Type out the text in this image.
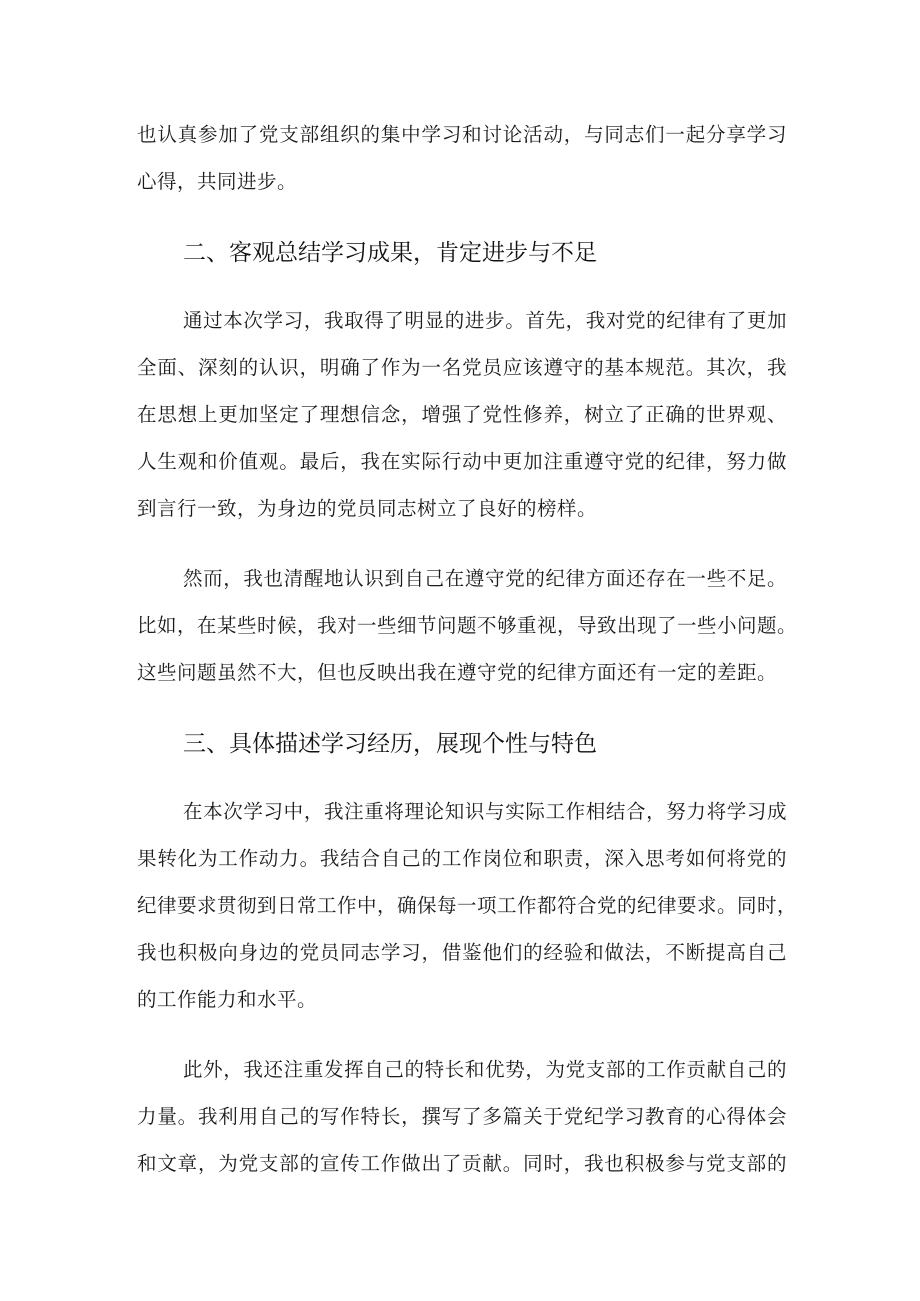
也认真参加了党支部组织的集中学习和讨论活动，与同志们一起分享学习
心得，共同进步。
二、客观总结学习成果，肯定进步与不足
通过本次学习，我取得了明显的进步。首先，我对党的纪律有了更加
全面、深刻的认识，明确了作为一名党员应该遵守的基本规范。其次，我
在思想上更加坚定了理想信念，增强了党性修养，树立了正确的世界观、
人生观和价值观。最后，我在实际行动中更加注重遵守党的纪律，努力做
到言行一致，为身边的党员同志树立了良好的榜样。
然而，我也清醒地认识到自己在遵守党的纪律方面还存在一些不足。
比如，在某些时候，我对一些细节问题不够重视，导致出现了一些小问题。
这些问题虽然不大，但也反映出我在遵守党的纪律方面还有一定的差距。
三、具体描述学习经历，展现个性与特色
在本次学习中，我注重将理论知识与实际工作相结合，努力将学习成
果转化为工作动力。我结合自己的工作岗位和职责，深入思考如何将党的
纪律要求贯彻到日常工作中，确保每一项工作都符合党的纪律要求。同时，
我也积极向身边的党员同志学习，借鉴他们的经验和做法，不断提高自己
的工作能力和水平。
此外，我还注重发挥自己的特长和优势，为党支部的工作贡献自己的
力量。我利用自己的写作特长，撰写了多篇关于党纪学习教育的心得体会
和文章，为党支部的宣传工作做出了贡献。同时，我也积极参与党支部的
